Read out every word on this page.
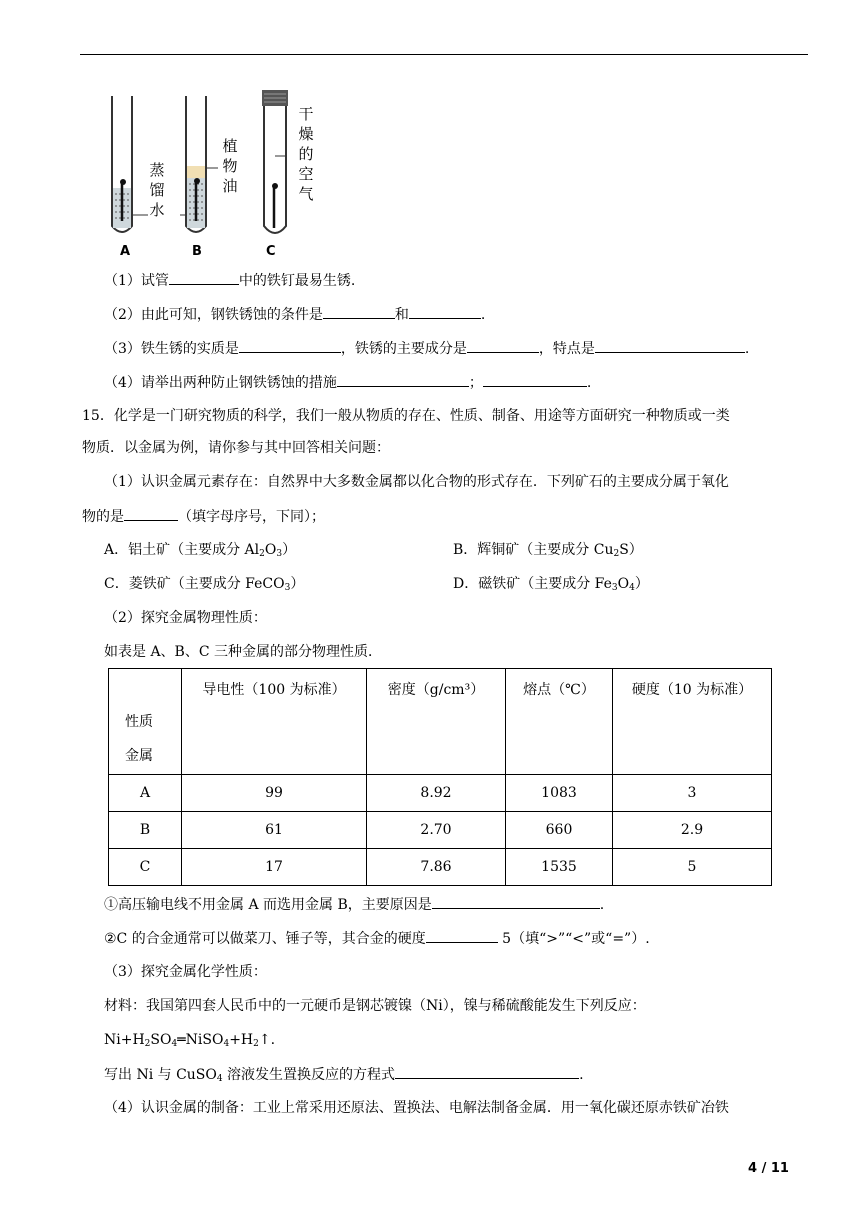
A	B	C
蒸馏水
植物油
干燥的空气
（1）试管	中的铁钉最易生锈.
（2）由此可知，钢铁锈蚀的条件是	和	.
（3）铁生锈的实质是	，铁锈的主要成分是	，特点是	.
（4）请举出两种防止钢铁锈蚀的措施	；	.
15．化学是一门研究物质的科学，我们一般从物质的存在、性质、制备、用途等方面研究一种物质或一类
物质．以金属为例，请你参与其中回答相关问题：
（1）认识金属元素存在：自然界中大多数金属都以化合物的形式存在．下列矿石的主要成分属于氧化
物的是	（填字母序号，下同）；
A．铝土矿（主要成分 $Al_2O_3$）	B．辉铜矿（主要成分 $Cu_2S$）
C．菱铁矿（主要成分 FeCO$_3$）	D．磁铁矿（主要成分 $Fe_3O_4$）
（2）探究金属物理性质：
如表是 A、B、C 三种金属的部分物理性质．
性质
金属	导电性（100 为标准）	密度（g/cm³）	熔点（℃）	硬度（10 为标准）
A	99	8.92	1083	3
B	61	2.70	660	2.9
C	17	7.86	1535	5
①高压输电线不用金属 A 而选用金属 B，主要原因是	.
②C 的合金通常可以做菜刀、锤子等，其合金的硬度	5（填“>”“<”或“=”）.
（3）探究金属化学性质：
材料：我国第四套人民币中的一元硬币是钢芯镀镍（Ni），镍与稀硫酸能发生下列反应：
$Ni+H_2SO_4═NiSO_4+H_2↑$.
写出 Ni 与 CuSO$_4$ 溶液发生置换反应的方程式	.
（4）认识金属的制备：工业上常采用还原法、置换法、电解法制备金属．用一氧化碳还原赤铁矿冶铁
4 / 11
